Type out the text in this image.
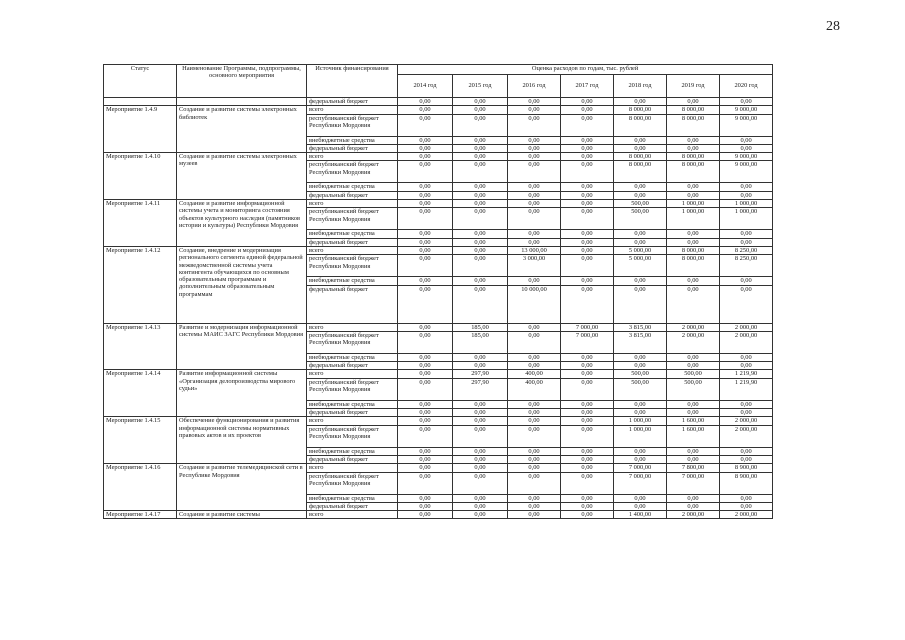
28
Статус	Наименование Программы, подпрограммы, основного мероприятия	Источник финансирования	Оценка расходов по годам, тыс. рублей						
			2014 год	2015 год	2016 год	2017 год	2018 год	2019 год	2020 год
		федеральный бюджет	0,00	0,00	0,00	0,00	0,00	0,00	0,00
Мероприятие 1.4.9	Создание и развитие системы электронных библиотек	всего	0,00	0,00	0,00	0,00	8 000,00	8 000,00	9 000,00
		республиканский бюджет Республики Мордовия	0,00	0,00	0,00	0,00	8 000,00	8 000,00	9 000,00
		внебюджетные средства	0,00	0,00	0,00	0,00	0,00	0,00	0,00
		федеральный бюджет	0,00	0,00	0,00	0,00	0,00	0,00	0,00
Мероприятие 1.4.10	Создание и развитие системы электронных музеев	всего	0,00	0,00	0,00	0,00	8 000,00	8 000,00	9 000,00
		республиканский бюджет Республики Мордовия	0,00	0,00	0,00	0,00	8 000,00	8 000,00	9 000,00
		внебюджетные средства	0,00	0,00	0,00	0,00	0,00	0,00	0,00
		федеральный бюджет	0,00	0,00	0,00	0,00	0,00	0,00	0,00
Мероприятие 1.4.11	Создание и развитие информационной системы учета и мониторинга состояния объектов культурного наследия (памятников истории и культуры) Республики Мордовия	всего	0,00	0,00	0,00	0,00	500,00	1 000,00	1 000,00
		республиканский бюджет Республики Мордовия	0,00	0,00	0,00	0,00	500,00	1 000,00	1 000,00
		внебюджетные средства	0,00	0,00	0,00	0,00	0,00	0,00	0,00
		федеральный бюджет	0,00	0,00	0,00	0,00	0,00	0,00	0,00
Мероприятие 1.4.12	Создание, внедрение и модернизация регионального сегмента единой федеральной межведомственной системы учета контингента обучающихся по основным образовательным программам и дополнительным образовательным программам	всего	0,00	0,00	13 000,00	0,00	5 000,00	8 000,00	8 250,00
		республиканский бюджет Республики Мордовия	0,00	0,00	3 000,00	0,00	5 000,00	8 000,00	8 250,00
		внебюджетные средства	0,00	0,00	0,00	0,00	0,00	0,00	0,00
		федеральный бюджет	0,00	0,00	10 000,00	0,00	0,00	0,00	0,00
Мероприятие 1.4.13	Развитие и модернизация информационной системы МАИС ЗАГС Республики Мордовия	всего	0,00	185,00	0,00	7 000,00	3 815,00	2 000,00	2 000,00
		республиканский бюджет Республики Мордовия	0,00	185,00	0,00	7 000,00	3 815,00	2 000,00	2 000,00
		внебюджетные средства	0,00	0,00	0,00	0,00	0,00	0,00	0,00
		федеральный бюджет	0,00	0,00	0,00	0,00	0,00	0,00	0,00
Мероприятие 1.4.14	Развитие информационной системы «Организация делопроизводства мирового судьи»	всего	0,00	297,90	400,00	0,00	500,00	500,00	1 219,90
		республиканский бюджет Республики Мордовия	0,00	297,90	400,00	0,00	500,00	500,00	1 219,90
		внебюджетные средства	0,00	0,00	0,00	0,00	0,00	0,00	0,00
		федеральный бюджет	0,00	0,00	0,00	0,00	0,00	0,00	0,00
Мероприятие 1.4.15	Обеспечение функционирования и развития информационной системы нормативных правовых актов и их проектов	всего	0,00	0,00	0,00	0,00	1 000,00	1 600,00	2 000,00
		республиканский бюджет Республики Мордовия	0,00	0,00	0,00	0,00	1 000,00	1 600,00	2 000,00
		внебюджетные средства	0,00	0,00	0,00	0,00	0,00	0,00	0,00
		федеральный бюджет	0,00	0,00	0,00	0,00	0,00	0,00	0,00
Мероприятие 1.4.16	Создание и развитие телемедицинской сети в Республике Мордовия	всего	0,00	0,00	0,00	0,00	7 000,00	7 800,00	8 900,00
		республиканский бюджет Республики Мордовия	0,00	0,00	0,00	0,00	7 000,00	7 000,00	8 900,00
		внебюджетные средства	0,00	0,00	0,00	0,00	0,00	0,00	0,00
		федеральный бюджет	0,00	0,00	0,00	0,00	0,00	0,00	0,00
Мероприятие 1.4.17	Создание и развитие системы	всего	0,00	0,00	0,00	0,00	1 400,00	2 000,00	2 000,00
